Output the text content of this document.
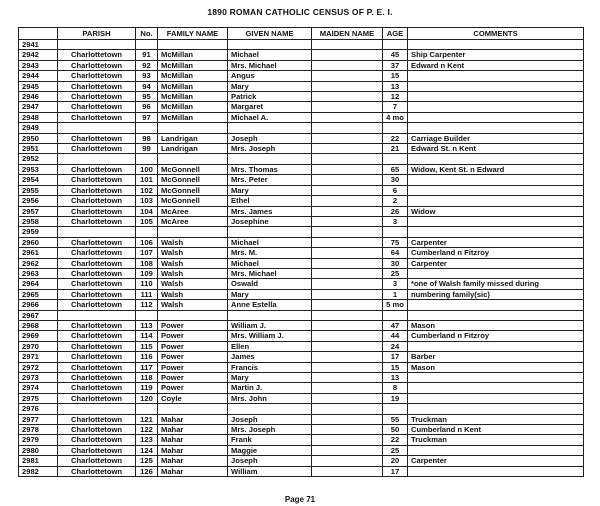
1890 ROMAN CATHOLIC CENSUS OF P. E. I.
	PARISH	No.	FAMILY NAME	GIVEN NAME	MAIDEN NAME	AGE	COMMENTS
2941							
2942	Charlottetown	91	McMillan	Michael		45	Ship Carpenter
2943	Charlottetown	92	McMillan	Mrs. Michael		37	Edward n Kent
2944	Charlottetown	93	McMillan	Angus		15	
2945	Charlottetown	94	McMillan	Mary		13	
2946	Charlottetown	95	McMillan	Patrick		12	
2947	Charlottetown	96	McMillan	Margaret		7	
2948	Charlottetown	97	McMillan	Michael A.		4 mo	
2949							
2950	Charlottetown	98	Landrigan	Joseph		22	Carriage Builder
2951	Charlottetown	99	Landrigan	Mrs. Joseph		21	Edward St. n Kent
2952							
2953	Charlottetown	100	McGonnell	Mrs. Thomas		65	Widow, Kent St. n Edward
2954	Charlottetown	101	McGonnell	Mrs. Peter		30	
2955	Charlottetown	102	McGonnell	Mary		6	
2956	Charlottetown	103	McGonnell	Ethel		2	
2957	Charlottetown	104	McAree	Mrs. James		26	Widow
2958	Charlottetown	105	McAree	Josephine		3	
2959							
2960	Charlottetown	106	Walsh	Michael		75	Carpenter
2961	Charlottetown	107	Walsh	Mrs. M.		64	Cumberland n Fitzroy
2962	Charlottetown	108	Walsh	Michael		30	Carpenter
2963	Charlottetown	109	Walsh	Mrs. Michael		25	
2964	Charlottetown	110	Walsh	Oswald		3	*one of Walsh family missed during
2965	Charlottetown	111	Walsh	Mary		1	numbering family(sic)
2966	Charlottetown	112	Walsh	Anne Estella		5 mo	
2967							
2968	Charlottetown	113	Power	William J.		47	Mason
2969	Charlottetown	114	Power	Mrs. William J.		44	Cumberland n Fitzroy
2970	Charlottetown	115	Power	Ellen		24	
2971	Charlottetown	116	Power	James		17	Barber
2972	Charlottetown	117	Power	Francis		15	Mason
2973	Charlottetown	118	Power	Mary		13	
2974	Charlottetown	119	Power	Martin J.		8	
2975	Charlottetown	120	Coyle	Mrs. John		19	
2976							
2977	Charlottetown	121	Mahar	Joseph		55	Truckman
2978	Charlottetown	122	Mahar	Mrs. Joseph		50	Cumberland n Kent
2979	Charlottetown	123	Mahar	Frank		22	Truckman
2980	Charlottetown	124	Mahar	Maggie		25	
2981	Charlottetown	125	Mahar	Joseph		20	Carpenter
2982	Charlottetown	126	Mahar	William		17	
Page 71
